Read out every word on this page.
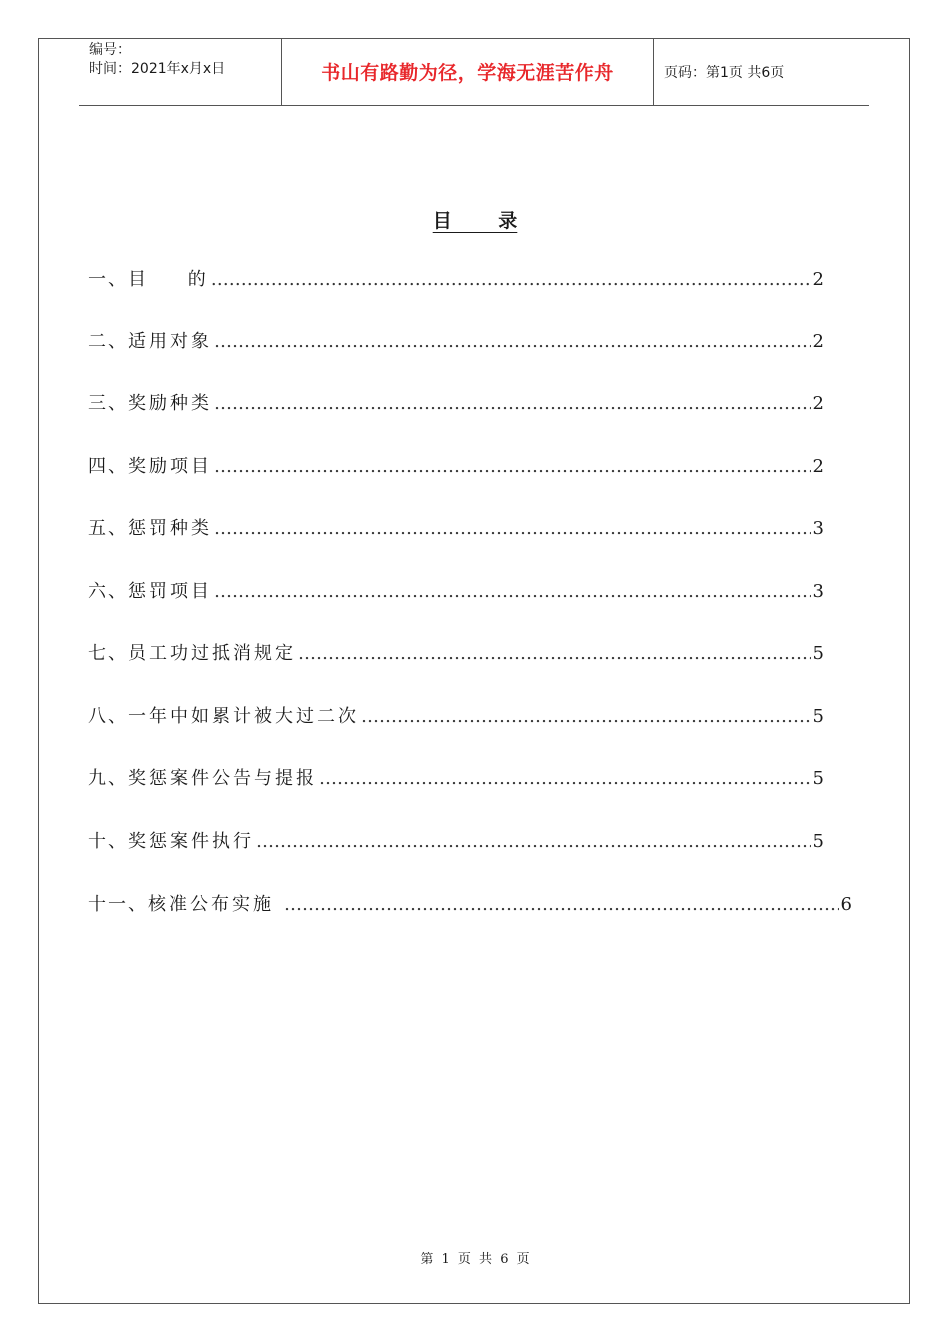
编号：
时间：2021年x月x日	书山有路勤为径，学海无涯苦作舟	页码：第1页 共6页
目 录
一、 目 的 …………………………………………………………………………………………………………………………………………	2
二、 适用对象 …………………………………………………………………………………………………………………………………………	2
三、 奖励种类 …………………………………………………………………………………………………………………………………………	2
四、 奖励项目 …………………………………………………………………………………………………………………………………………	2
五、 惩罚种类 …………………………………………………………………………………………………………………………………………	3
六、 惩罚项目 …………………………………………………………………………………………………………………………………………	3
七、 员工功过抵消规定 …………………………………………………………………………………………………………………………………………	5
八、 一年中如累计被大过二次 …………………………………………………………………………………………………………………………………………	5
九、 奖惩案件公告与提报 …………………………………………………………………………………………………………………………………………	5
十、 奖惩案件执行 …………………………………………………………………………………………………………………………………………	5
十一、 核准公布实施 …………………………………………………………………………………………………………………………………………	6
第 1 页 共 6 页
